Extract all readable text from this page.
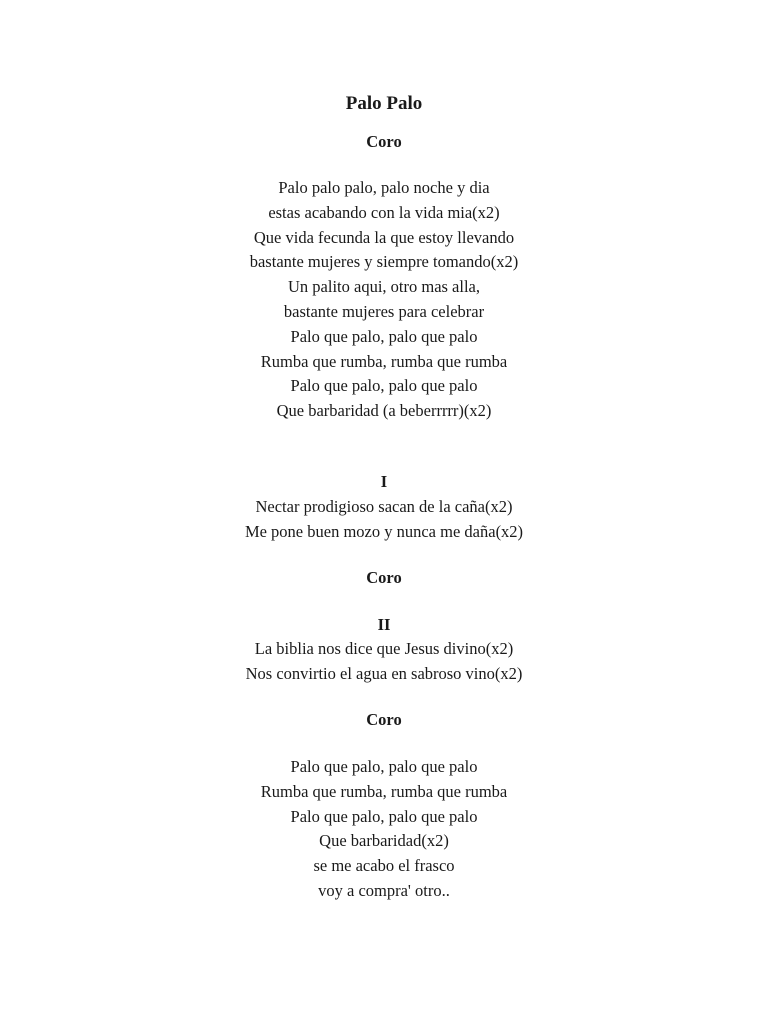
Palo Palo
Coro
Palo palo palo, palo noche y dia
estas acabando con la vida mia(x2)
Que vida fecunda la que estoy llevando
bastante mujeres y siempre tomando(x2)
Un palito aqui, otro mas alla,
bastante mujeres para celebrar
Palo que palo, palo que palo
Rumba que rumba, rumba que rumba
Palo que palo, palo que palo
Que barbaridad (a beberrrrr)(x2)
I
Nectar prodigioso sacan de la caña(x2)
Me pone buen mozo y nunca me daña(x2)
Coro
II
La biblia nos dice que Jesus divino(x2)
Nos convirtio el agua en sabroso vino(x2)
Coro
Palo que palo, palo que palo
Rumba que rumba, rumba que rumba
Palo que palo, palo que palo
Que barbaridad(x2)
se me acabo el frasco
voy a compra' otro..
